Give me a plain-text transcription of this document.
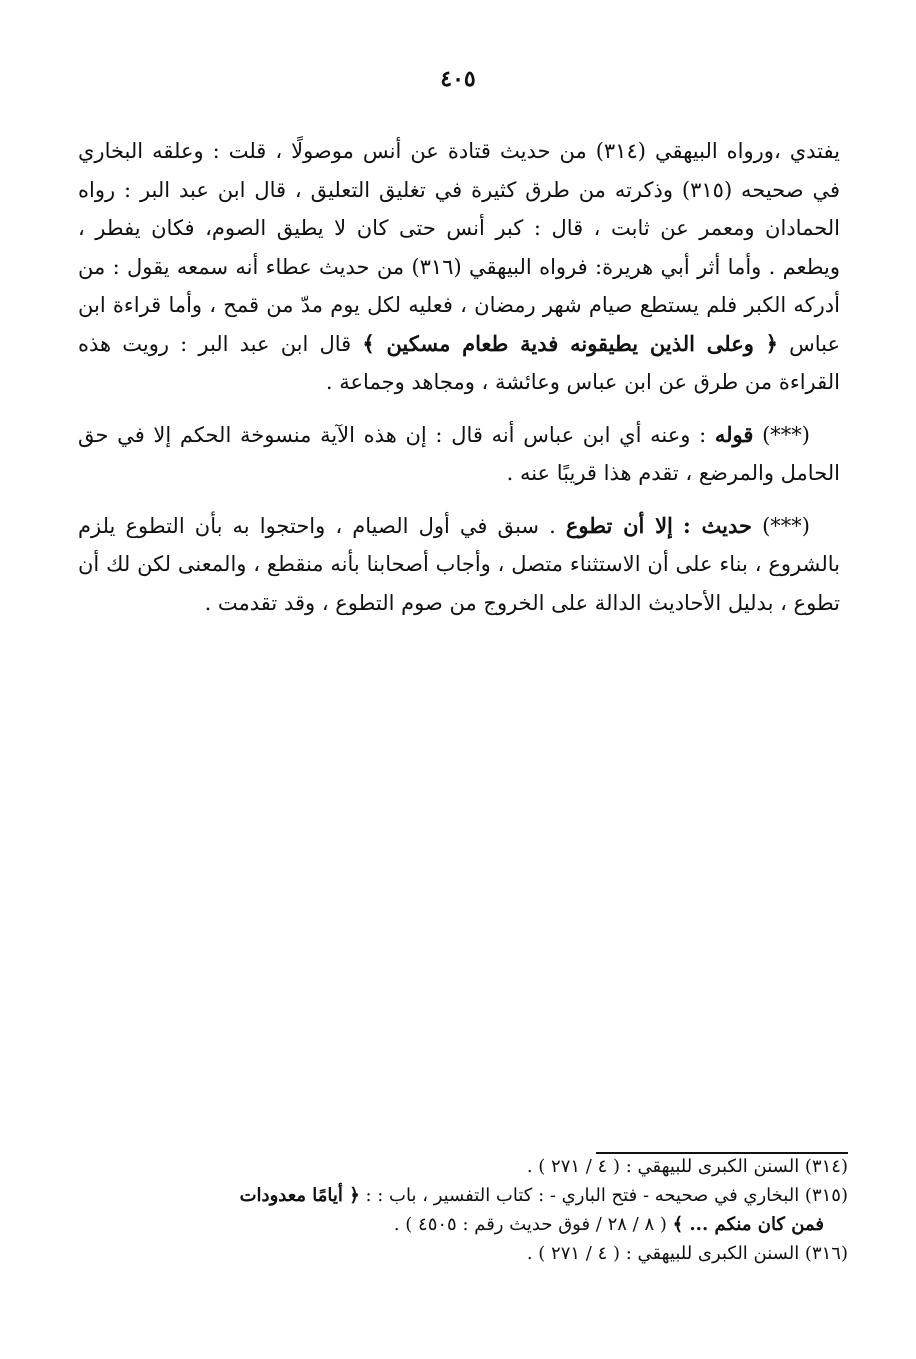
٤٠٥

يفتدي ،ورواه البيهقي (٣١٤) من حديث قتادة عن أنس موصولًا ، قلت : وعلقه البخاري في صحيحه (٣١٥) وذكرته من طرق كثيرة في تغليق التعليق ، قال ابن عبد البر : رواه الحمادان ومعمر عن ثابت ، قال : كبر أنس حتى كان لا يطيق الصوم، فكان يفطر ، ويطعم . وأما أثر أبي هريرة: فرواه البيهقي (٣١٦) من حديث عطاء أنه سمعه يقول : من أدركه الكبر فلم يستطع صيام شهر رمضان ، فعليه لكل يوم مدّ من قمح ، وأما قراءة ابن عباس ﴿ وعلى الذين يطيقونه فدية طعام مسكين ﴾ قال ابن عبد البر : رويت هذه القراءة من طرق عن ابن عباس وعائشة ، ومجاهد وجماعة .

(***) قوله : وعنه أي ابن عباس أنه قال : إن هذه الآية منسوخة الحكم إلا في حق الحامل والمرضع ، تقدم هذا قريبًا عنه .

(***) حديث : إلا أن تطوع . سبق في أول الصيام ، واحتجوا به بأن التطوع يلزم بالشروع ، بناء على أن الاستثناء متصل ، وأجاب أصحابنا بأنه منقطع ، والمعنى لكن لك أن تطوع ، بدليل الأحاديث الدالة على الخروج من صوم التطوع ، وقد تقدمت .

(٣١٤) السنن الكبرى للبيهقي : ( ٤ / ٢٧١ ) .

(٣١٥) البخاري في صحيحه - فتح الباري - : كتاب التفسير ، باب : : ﴿ أيامًا معدودات

فمن كان منكم ... ﴾ ( ٨ / ٢٨ / فوق حديث رقم : ٤٥٠٥ ) .

(٣١٦) السنن الكبرى للبيهقي : ( ٤ / ٢٧١ ) .
